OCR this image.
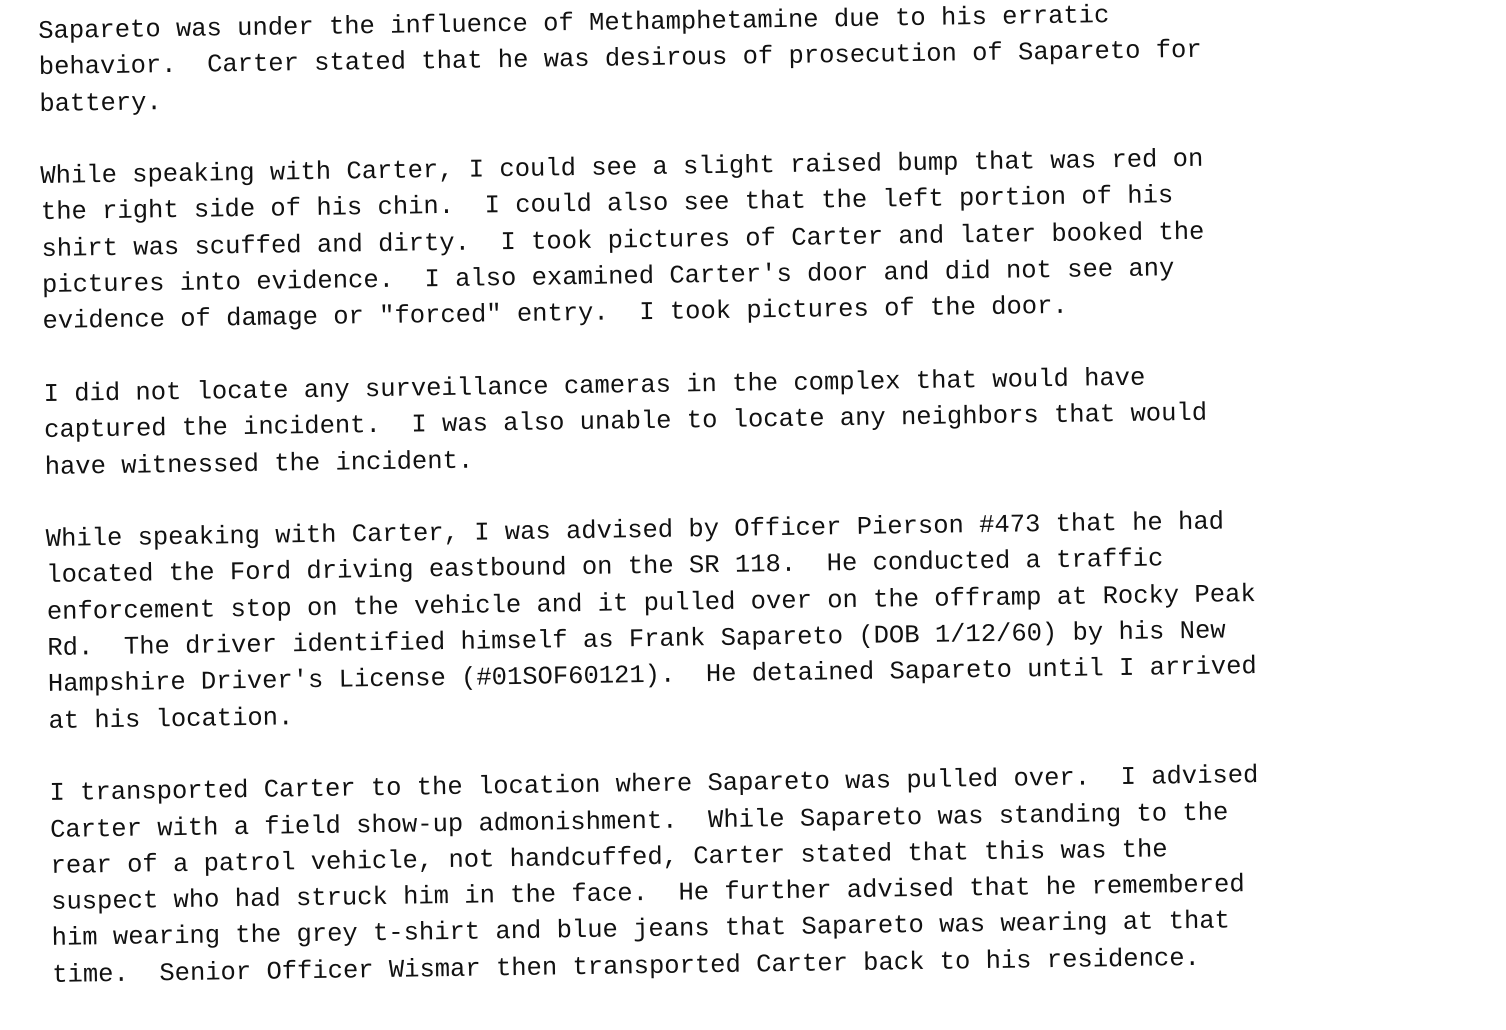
Sapareto was under the influence of Methamphetamine due to his erratic
behavior.  Carter stated that he was desirous of prosecution of Sapareto for
battery.
While speaking with Carter, I could see a slight raised bump that was red on
the right side of his chin.  I could also see that the left portion of his
shirt was scuffed and dirty.  I took pictures of Carter and later booked the
pictures into evidence.  I also examined Carter's door and did not see any
evidence of damage or "forced" entry.  I took pictures of the door.
I did not locate any surveillance cameras in the complex that would have
captured the incident.  I was also unable to locate any neighbors that would
have witnessed the incident.
While speaking with Carter, I was advised by Officer Pierson #473 that he had
located the Ford driving eastbound on the SR 118.  He conducted a traffic
enforcement stop on the vehicle and it pulled over on the offramp at Rocky Peak
Rd.  The driver identified himself as Frank Sapareto (DOB 1/12/60) by his New
Hampshire Driver's License (#01SOF60121).  He detained Sapareto until I arrived
at his location.
I transported Carter to the location where Sapareto was pulled over.  I advised
Carter with a field show-up admonishment.  While Sapareto was standing to the
rear of a patrol vehicle, not handcuffed, Carter stated that this was the
suspect who had struck him in the face.  He further advised that he remembered
him wearing the grey t-shirt and blue jeans that Sapareto was wearing at that
time.  Senior Officer Wismar then transported Carter back to his residence.
